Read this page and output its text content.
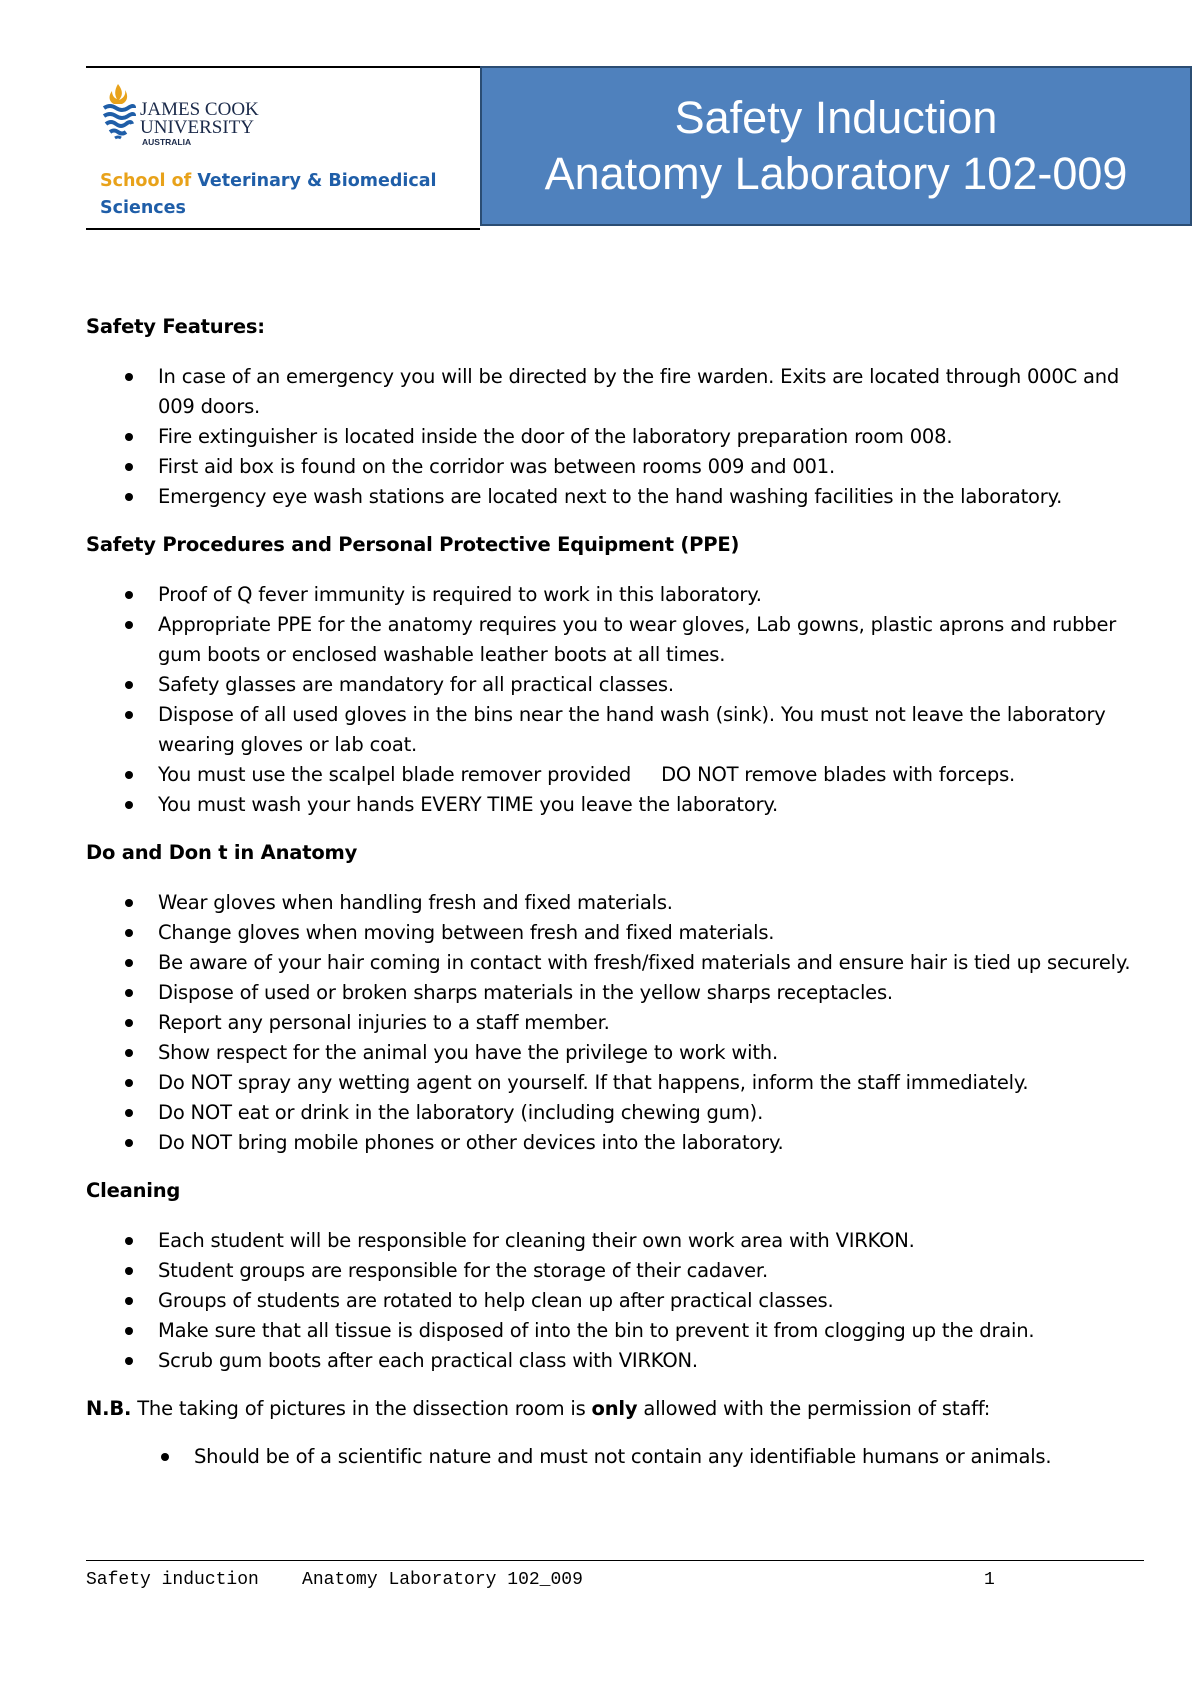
JAMES COOK
UNIVERSITY
AUSTRALIA
School of Veterinary & Biomedical
Sciences
Safety Induction
Anatomy Laboratory 102-009
Safety Features:
In case of an emergency you will be directed by the fire warden. Exits are located through 000C and 009 doors.
Fire extinguisher is located inside the door of the laboratory preparation room 008.
First aid box is found on the corridor was between rooms 009 and 001.
Emergency eye wash stations are located next to the hand washing facilities in the laboratory.
Safety Procedures and Personal Protective Equipment (PPE)
Proof of Q fever immunity is required to work in this laboratory.
Appropriate PPE for the anatomy requires you to wear gloves, Lab gowns, plastic aprons and rubber gum boots or enclosed washable leather boots at all times.
Safety glasses are mandatory for all practical classes.
Dispose of all used gloves in the bins near the hand wash (sink). You must not leave the laboratory wearing gloves or lab coat.
You must use the scalpel blade remover provided     DO NOT remove blades with forceps.
You must wash your hands EVERY TIME you leave the laboratory.
Do and Don t in Anatomy
Wear gloves when handling fresh and fixed materials.
Change gloves when moving between fresh and fixed materials.
Be aware of your hair coming in contact with fresh/fixed materials and ensure hair is tied up securely.
Dispose of used or broken sharps materials in the yellow sharps receptacles.
Report any personal injuries to a staff member.
Show respect for the animal you have the privilege to work with.
Do NOT spray any wetting agent on yourself. If that happens, inform the staff immediately.
Do NOT eat or drink in the laboratory (including chewing gum).
Do NOT bring mobile phones or other devices into the laboratory.
Cleaning
Each student will be responsible for cleaning their own work area with VIRKON.
Student groups are responsible for the storage of their cadaver.
Groups of students are rotated to help clean up after practical classes.
Make sure that all tissue is disposed of into the bin to prevent it from clogging up the drain.
Scrub gum boots after each practical class with VIRKON.
N.B. The taking of pictures in the dissection room is only allowed with the permission of staff:
Should be of a scientific nature and must not contain any identifiable humans or animals.
Safety induction    Anatomy Laboratory 102_009	1
